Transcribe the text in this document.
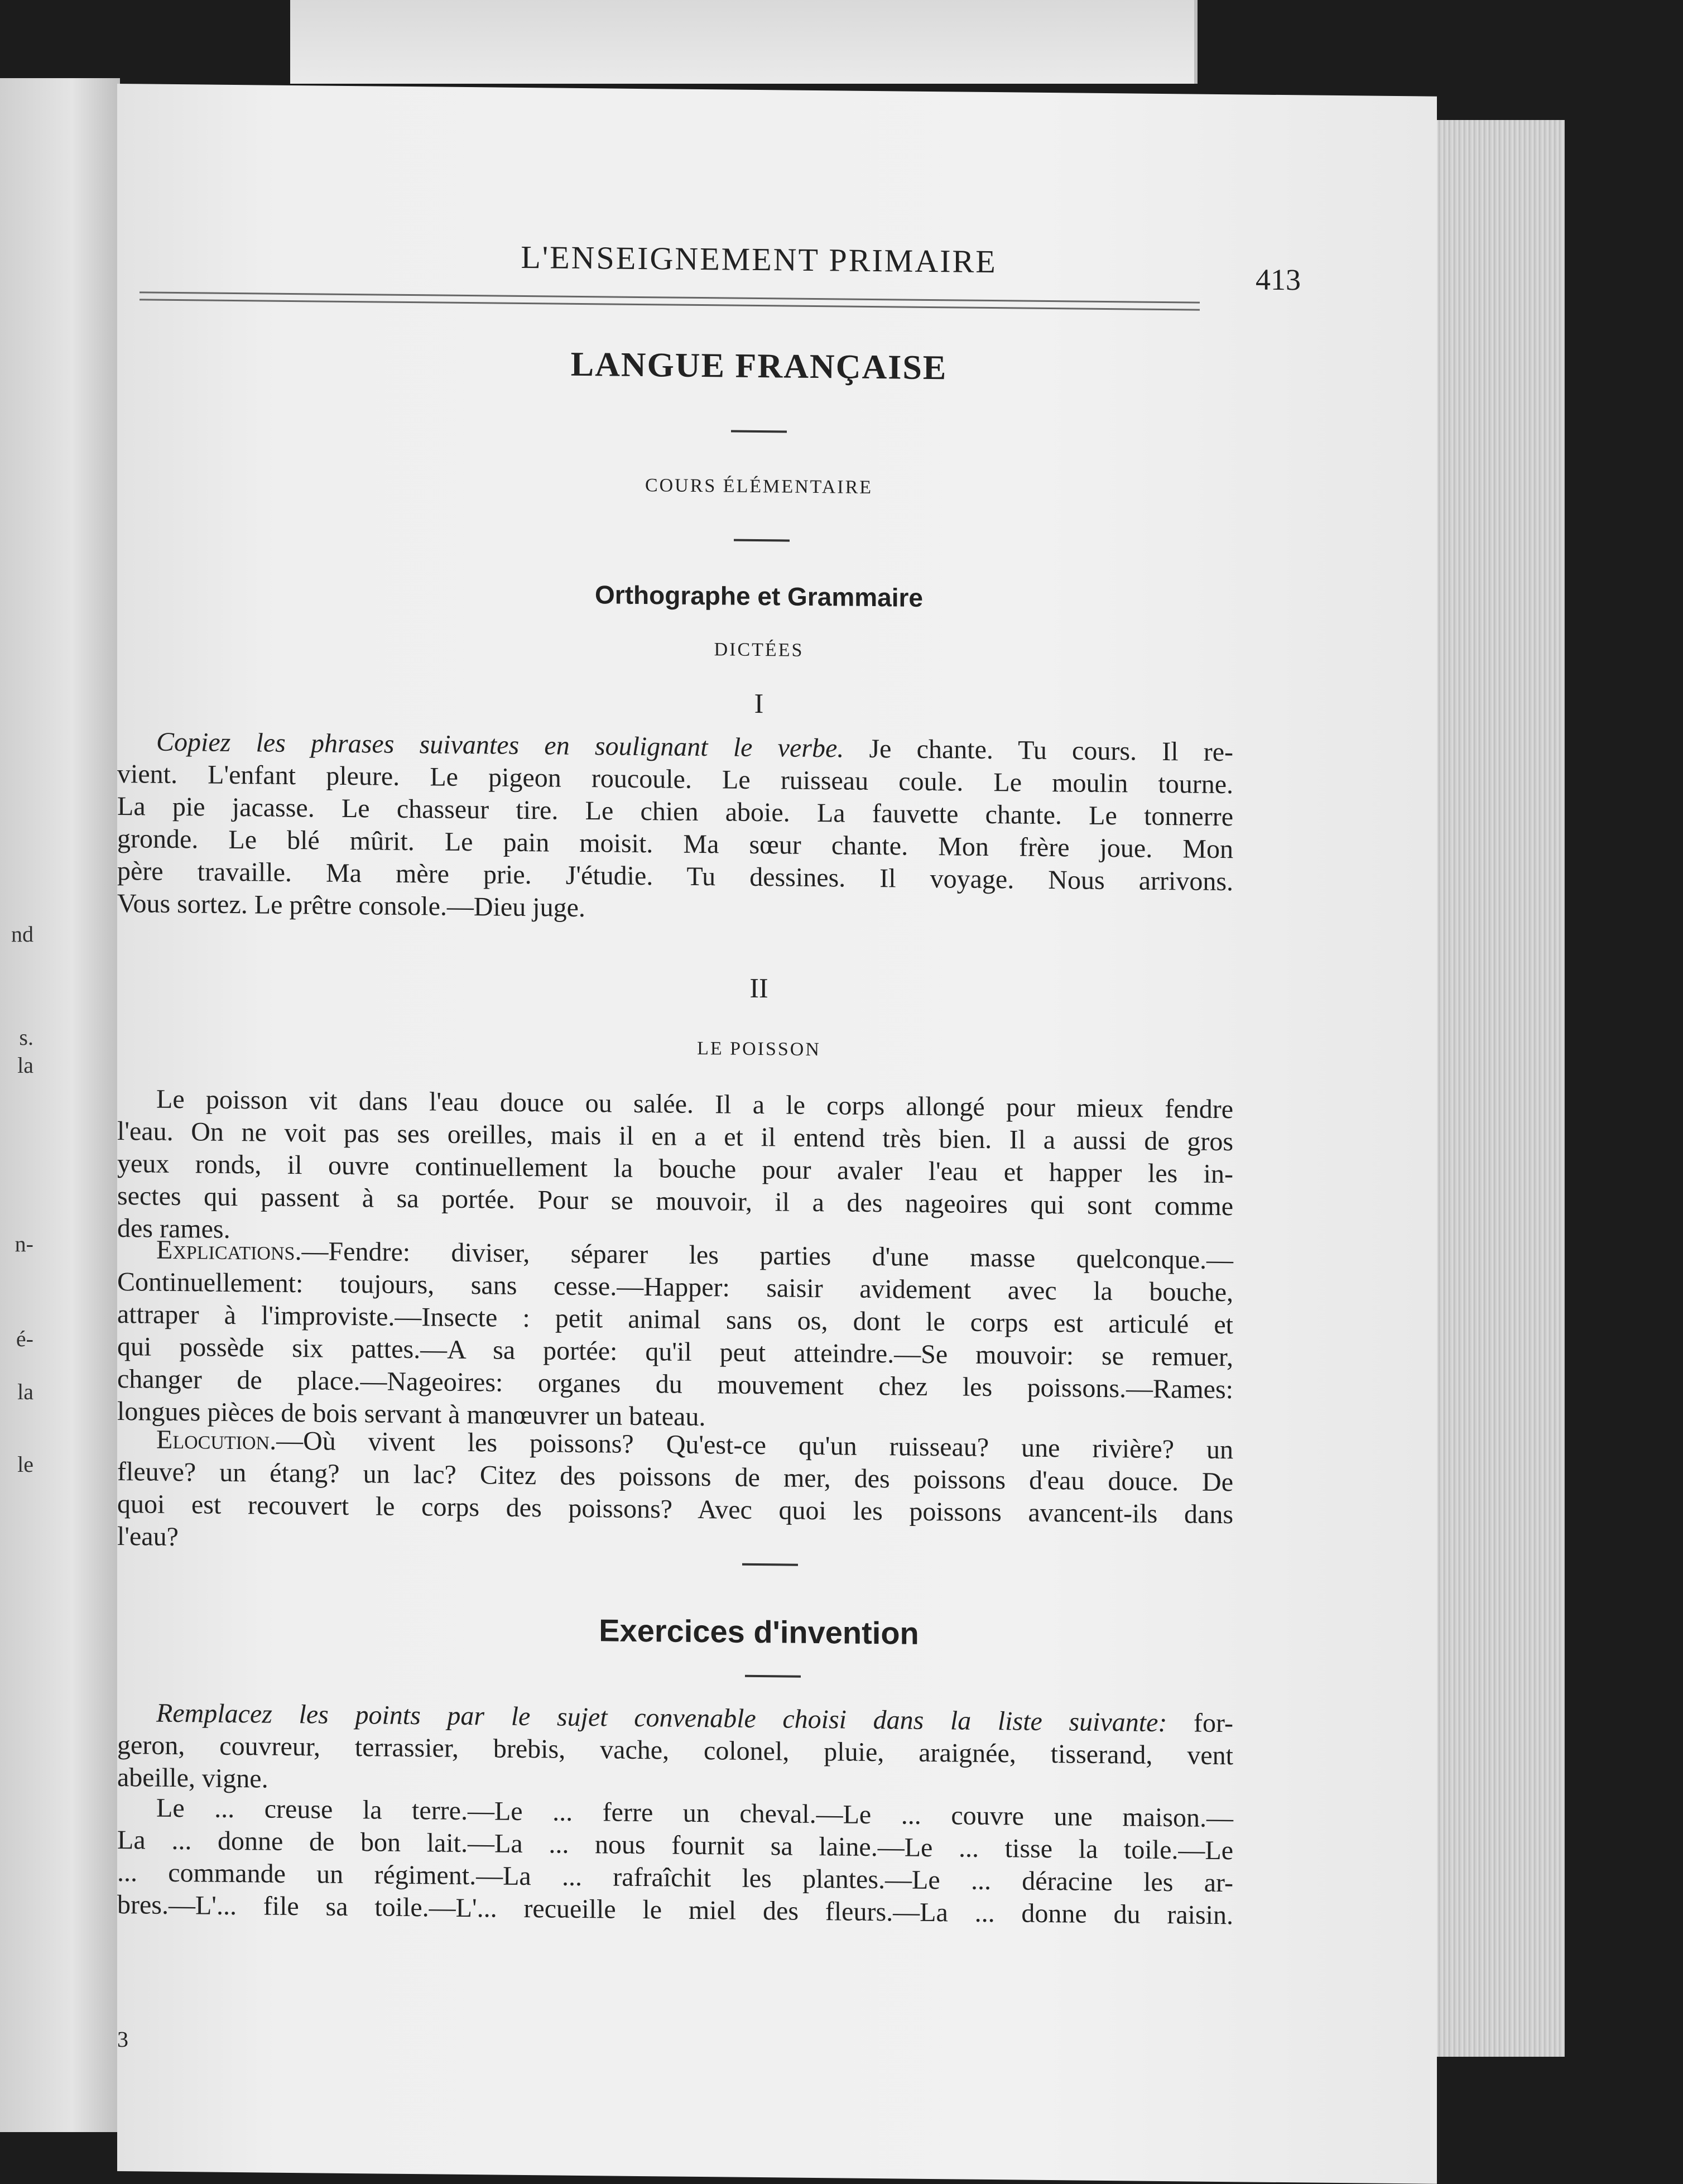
nd
s.
la
n-
é-
la
le
L'ENSEIGNEMENT PRIMAIRE	413
LANGUE FRANÇAISE
COURS ÉLÉMENTAIRE
Orthographe et Grammaire
DICTÉES
I
Copiez les phrases suivantes en soulignant le verbe. Je chante. Tu cours. Il re-
vient. L'enfant pleure. Le pigeon roucoule. Le ruisseau coule. Le moulin tourne.
La pie jacasse. Le chasseur tire. Le chien aboie. La fauvette chante. Le tonnerre
gronde. Le blé mûrit. Le pain moisit. Ma sœur chante. Mon frère joue. Mon
père travaille. Ma mère prie. J'étudie. Tu dessines. Il voyage. Nous arrivons.
Vous sortez. Le prêtre console.—Dieu juge.
II
LE POISSON
Le poisson vit dans l'eau douce ou salée. Il a le corps allongé pour mieux fendre
l'eau. On ne voit pas ses oreilles, mais il en a et il entend très bien. Il a aussi de gros
yeux ronds, il ouvre continuellement la bouche pour avaler l'eau et happer les in-
sectes qui passent à sa portée. Pour se mouvoir, il a des nageoires qui sont comme
des rames.
Explications.—Fendre: diviser, séparer les parties d'une masse quelconque.—
Continuellement: toujours, sans cesse.—Happer: saisir avidement avec la bouche,
attraper à l'improviste.—Insecte : petit animal sans os, dont le corps est articulé et
qui possède six pattes.—A sa portée: qu'il peut atteindre.—Se mouvoir: se remuer,
changer de place.—Nageoires: organes du mouvement chez les poissons.—Rames:
longues pièces de bois servant à manœuvrer un bateau.
Elocution.—Où vivent les poissons? Qu'est-ce qu'un ruisseau? une rivière? un
fleuve? un étang? un lac? Citez des poissons de mer, des poissons d'eau douce. De
quoi est recouvert le corps des poissons? Avec quoi les poissons avancent-ils dans
l'eau?
Exercices d'invention
Remplacez les points par le sujet convenable choisi dans la liste suivante: for-
geron, couvreur, terrassier, brebis, vache, colonel, pluie, araignée, tisserand, vent
abeille, vigne.
Le ... creuse la terre.—Le ... ferre un cheval.—Le ... couvre une maison.—
La ... donne de bon lait.—La ... nous fournit sa laine.—Le ... tisse la toile.—Le
... commande un régiment.—La ... rafraîchit les plantes.—Le ... déracine les ar-
bres.—L'... file sa toile.—L'... recueille le miel des fleurs.—La ... donne du raisin.
3
